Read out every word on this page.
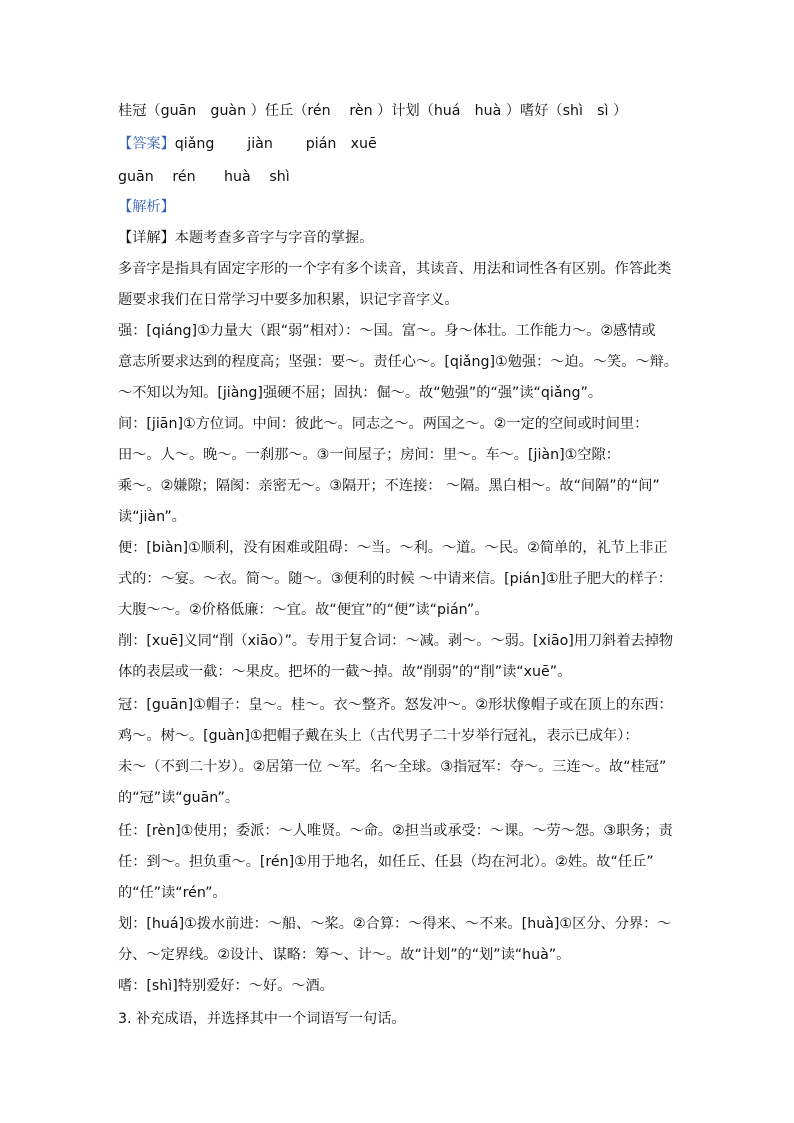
桂冠（guān　guàn ）任丘（rén　 rèn ）计划（huá　huà ）嗜好（shì　sì ）
【答案】qiǎng　　 jiàn　 　pián　xuē
guān　 rén　　huà　 shì
【解析】
【详解】本题考查多音字与字音的掌握。
多音字是指具有固定字形的一个字有多个读音，其读音、用法和词性各有区别。作答此类
题要求我们在日常学习中要多加积累，识记字音字义。
强：[qiáng]①力量大（跟“弱”相对）：～国。富～。身～体壮。工作能力～。②感情或
意志所要求达到的程度高；坚强：要～。责任心～。[qiǎng]①勉强：～迫。～笑。～辩。
～不知以为知。[jiàng]强硬不屈；固执：倔～。故“勉强”的“强”读“qiǎng”。
间：[jiān]①方位词。中间：彼此～。同志之～。两国之～。②一定的空间或时间里：
田～。人～。晚～。一刹那～。③一间屋子；房间：里～。车～。[jiàn]①空隙：
乘～。②嫌隙；隔阂：亲密无～。③隔开；不连接： ～隔。黑白相～。故“间隔”的“间”
读“jiàn”。
便：[biàn]①顺利，没有困难或阻碍：～当。～利。～道。～民。②简单的，礼节上非正
式的：～宴。～衣。简～。随～。③便利的时候 ～中请来信。[pián]①肚子肥大的样子：
大腹～～。②价格低廉：～宜。故“便宜”的“便”读“pián”。
削：[xuē]义同“削（xiāo）”。专用于复合词：～减。剥～。～弱。[xiāo]用刀斜着去掉物
体的表层或一截：～果皮。把坏的一截～掉。故“削弱”的“削”读“xuē”。
冠：[guān]①帽子：皇～。桂～。衣～整齐。怒发冲～。②形状像帽子或在顶上的东西：
鸡～。树～。[guàn]①把帽子戴在头上（古代男子二十岁举行冠礼，表示已成年）：
未～（不到二十岁）。②居第一位 ～军。名～全球。③指冠军：夺～。三连～。故“桂冠”
的“冠”读“guān”。
任：[rèn]①使用；委派：～人唯贤。～命。②担当或承受：～课。～劳～怨。③职务；责
任：到～。担负重～。[rén]①用于地名，如任丘、任县（均在河北）。②姓。故“任丘”
的“任”读“rén”。
划：[huá]①拨水前进：～船、～桨。②合算：～得来、～不来。[huà]①区分、分界：～
分、～定界线。②设计、谋略：筹～、计～。故“计划”的“划”读“huà”。
嗜：[shì]特别爱好：～好。～酒。
3. 补充成语，并选择其中一个词语写一句话。
